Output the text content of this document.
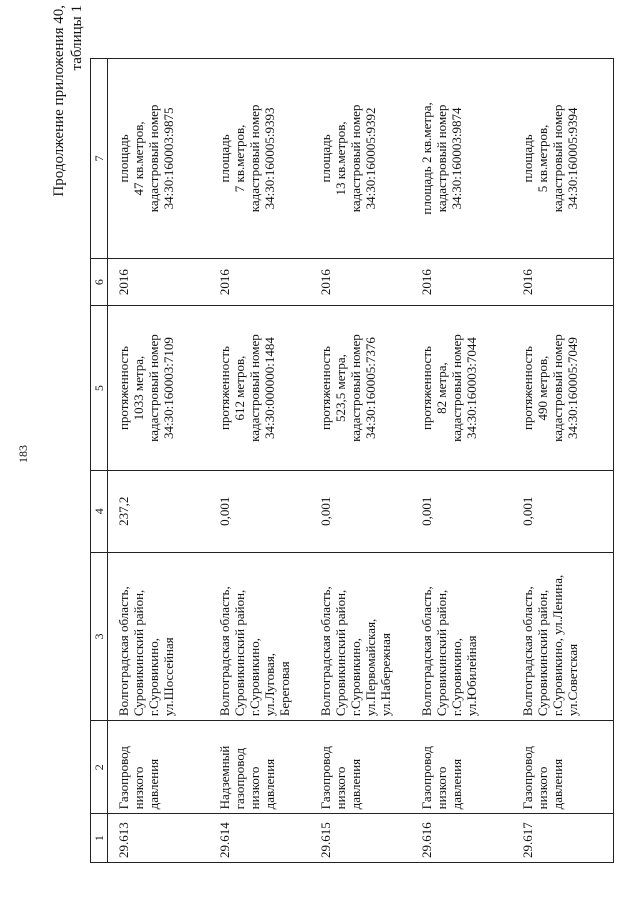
183
Продолжение приложения 40, таблицы 1
1	2	3	4	5	6	7
29.613	Газопровод низкого давления	Волгоградская область, Суровикинский район, г.Суровикино, ул.Шоссейная	237,2	протяженность 1033 метра, кадастровый номер 34:30:160003:7109	2016	площадь 47 кв.метров, кадастровый номер 34:30:160003:9875

29.614	Надземный газопровод низкого давления	Волгоградская область, Суровикинский район, г.Суровикино, ул.Луговая, Береговая	0,001	протяженность 612 метров, кадастровый номер 34:30:000000:1484	2016	площадь 7 кв.метров, кадастровый номер 34:30:160005:9393

29.615	Газопровод низкого давления	Волгоградская область, Суровикинский район, г.Суровикино, ул.Первомайская, ул.Набережная	0,001	протяженность 523,5 метра, кадастровый номер 34:30:160005:7376	2016	площадь 13 кв.метров, кадастровый номер 34:30:160005:9392

29.616	Газопровод низкого давления	Волгоградская область, Суровикинский район, г.Суровикино, ул.Юбилейная	0,001	протяженность 82 метра, кадастровый номер 34:30:160003:7044	2016	площадь 2 кв.метра, кадастровый номер 34:30:160003:9874

29.617	Газопровод низкого давления	Волгоградская область, Суровикинский район, г.Суровикино, ул.Ленина, ул.Советская	0,001	протяженность 490 метров, кадастровый номер 34:30:160005:7049	2016	площадь 5 кв.метров, кадастровый номер 34:30:160005:9394
